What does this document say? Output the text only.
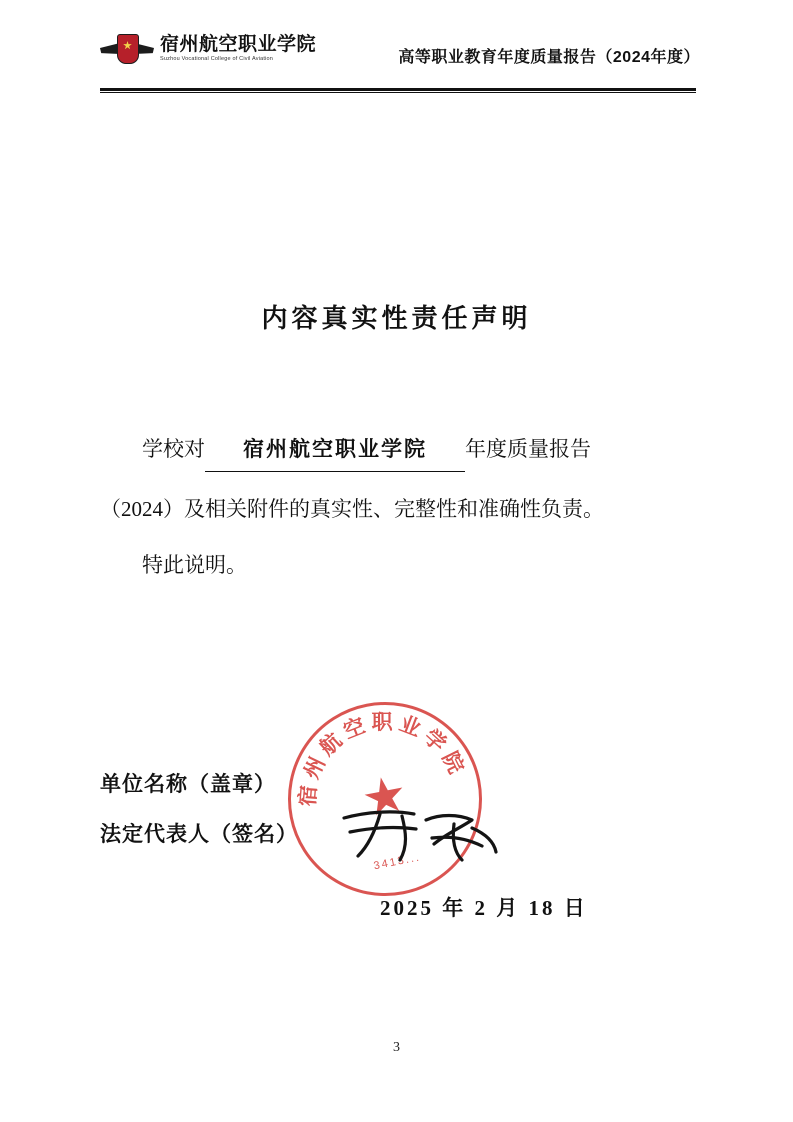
宿州航空职业学院
Suzhou Vocational College of Civil Aviation	高等职业教育年度质量报告（2024年度）
内容真实性责任声明
学校对 宿州航空职业学院 年度质量报告
（2024）及相关附件的真实性、完整性和准确性负责。
特此说明。
单位名称（盖章）
法定代表人（签名）
宿州航空职业学院
3413...
2025 年 2 月 18 日
3
